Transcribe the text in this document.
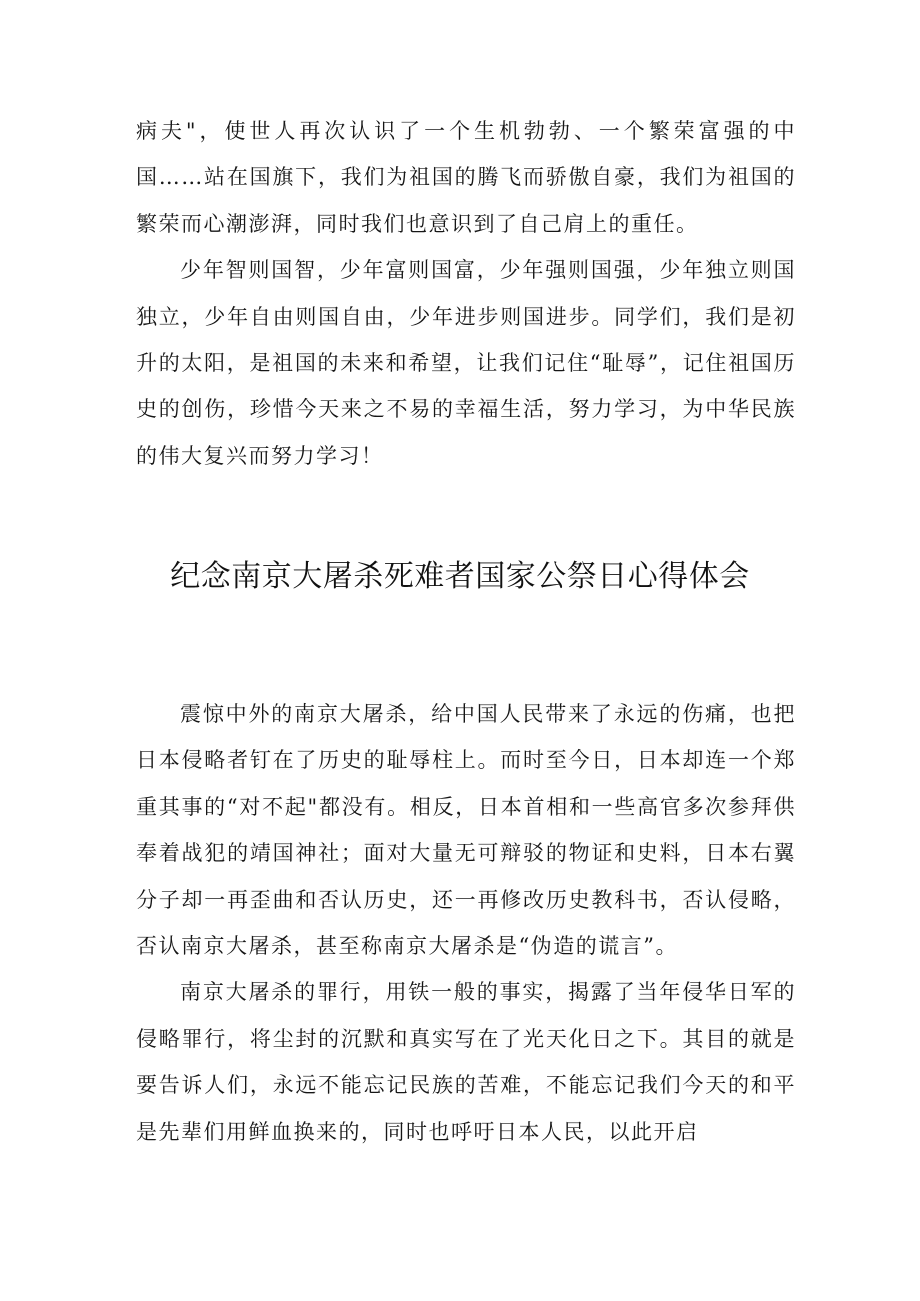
病夫"，使世人再次认识了一个生机勃勃、一个繁荣富强的中国……站在国旗下，我们为祖国的腾飞而骄傲自豪，我们为祖国的繁荣而心潮澎湃，同时我们也意识到了自己肩上的重任。

少年智则国智，少年富则国富，少年强则国强，少年独立则国独立，少年自由则国自由，少年进步则国进步。同学们，我们是初升的太阳，是祖国的未来和希望，让我们记住“耻辱”，记住祖国历史的创伤，珍惜今天来之不易的幸福生活，努力学习，为中华民族的伟大复兴而努力学习！

纪念南京大屠杀死难者国家公祭日心得体会

震惊中外的南京大屠杀，给中国人民带来了永远的伤痛，也把日本侵略者钉在了历史的耻辱柱上。而时至今日，日本却连一个郑重其事的“对不起"都没有。相反，日本首相和一些高官多次参拜供奉着战犯的靖国神社；面对大量无可辩驳的物证和史料，日本右翼分子却一再歪曲和否认历史，还一再修改历史教科书，否认侵略，否认南京大屠杀，甚至称南京大屠杀是“伪造的谎言”。

南京大屠杀的罪行，用铁一般的事实，揭露了当年侵华日军的侵略罪行，将尘封的沉默和真实写在了光天化日之下。其目的就是要告诉人们，永远不能忘记民族的苦难，不能忘记我们今天的和平是先辈们用鲜血换来的，同时也呼吁日本人民，以此开启
